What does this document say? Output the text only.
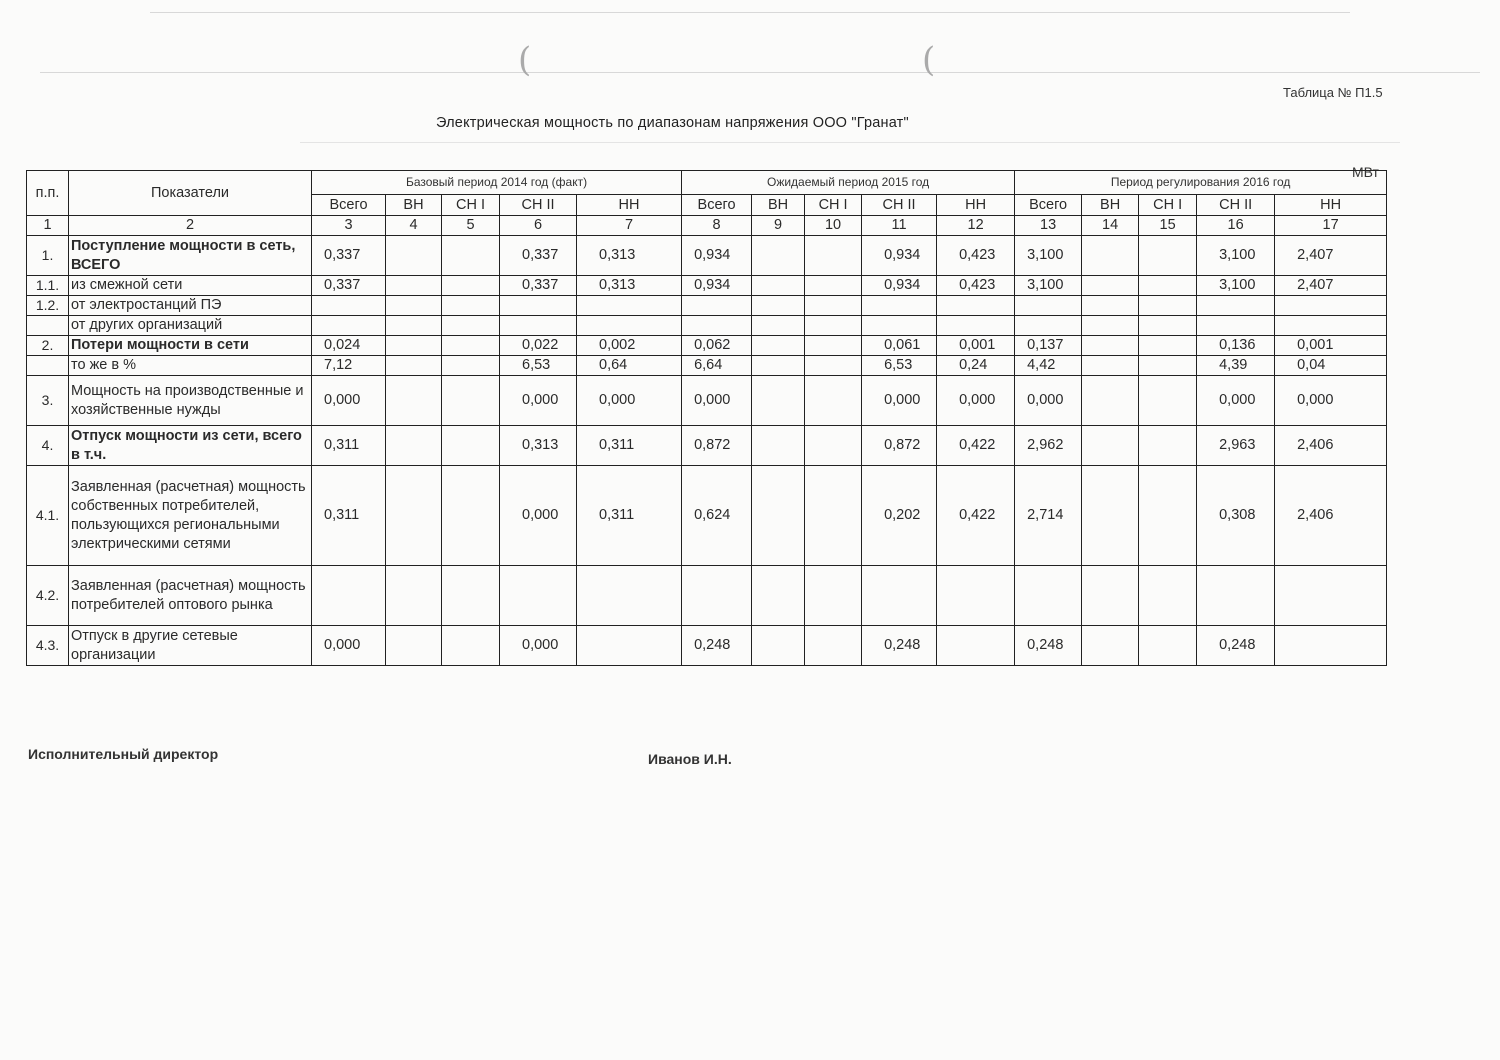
(	(
Таблица № П1.5
Электрическая мощность по диапазонам напряжения ООО "Гранат"
МВт
п.п.	Показатели	Базовый период 2014 год (факт)					Ожидаемый период 2015 год					Период регулирования 2016 год				
		Всего	ВН	СН I	СН II	НН	Всего	ВН	СН I	СН II	НН	Всего	ВН	СН I	СН II	НН
1	2	3	4	5	6	7	8	9	10	11	12	13	14	15	16	17
1.	Поступление мощности в сеть, ВСЕГО	0,337			0,337	0,313	0,934			0,934	0,423	3,100			3,100	2,407
1.1.	из смежной сети	0,337			0,337	0,313	0,934			0,934	0,423	3,100			3,100	2,407
1.2.	от электростанций ПЭ															
	от других организаций															
2.	Потери мощности в сети	0,024			0,022	0,002	0,062			0,061	0,001	0,137			0,136	0,001
	то же в %	7,12			6,53	0,64	6,64			6,53	0,24	4,42			4,39	0,04
3.	Мощность на производственные и хозяйственные нужды	0,000			0,000	0,000	0,000			0,000	0,000	0,000			0,000	0,000
4.	Отпуск мощности из сети, всего в т.ч.	0,311			0,313	0,311	0,872			0,872	0,422	2,962			2,963	2,406
4.1.	Заявленная (расчетная) мощность собственных потребителей, пользующихся региональными электрическими сетями	0,311			0,000	0,311	0,624			0,202	0,422	2,714			0,308	2,406
4.2.	Заявленная (расчетная) мощность потребителей оптового рынка															
4.3.	Отпуск в другие сетевые организации	0,000			0,000		0,248			0,248		0,248			0,248	
Исполнительный директор	Иванов И.Н.
